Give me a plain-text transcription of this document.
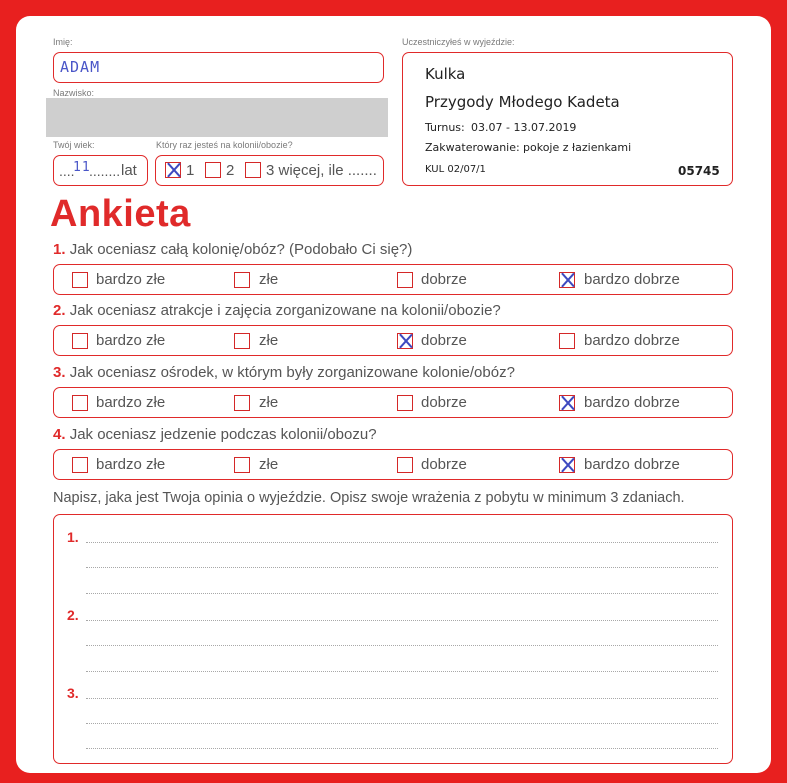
Imię:
ADAM
Nazwisko:
Twój wiek:
....
11
........ lat
Który raz jesteś na kolonii/obozie?
1 2 3 więcej, ile .......
Uczestniczyłeś w wyjeździe:
Kulka
Przygody Młodego Kadeta
Turnus: 03.07 - 13.07.2019
Zakwaterowanie: pokoje z łazienkami
KUL 02/07/1	05745
Ankieta
1. Jak oceniasz całą kolonię/obóz? (Podobało Ci się?)
bardzo złe	złe	dobrze	bardzo dobrze
2. Jak oceniasz atrakcje i zajęcia zorganizowane na kolonii/obozie?
bardzo złe	złe	dobrze	bardzo dobrze
3. Jak oceniasz ośrodek, w którym były zorganizowane kolonie/obóz?
bardzo złe	złe	dobrze	bardzo dobrze
4. Jak oceniasz jedzenie podczas kolonii/obozu?
bardzo złe	złe	dobrze	bardzo dobrze
Napisz, jaka jest Twoja opinia o wyjeździe. Opisz swoje wrażenia z pobytu w minimum 3 zdaniach.
1.
2.
3.
